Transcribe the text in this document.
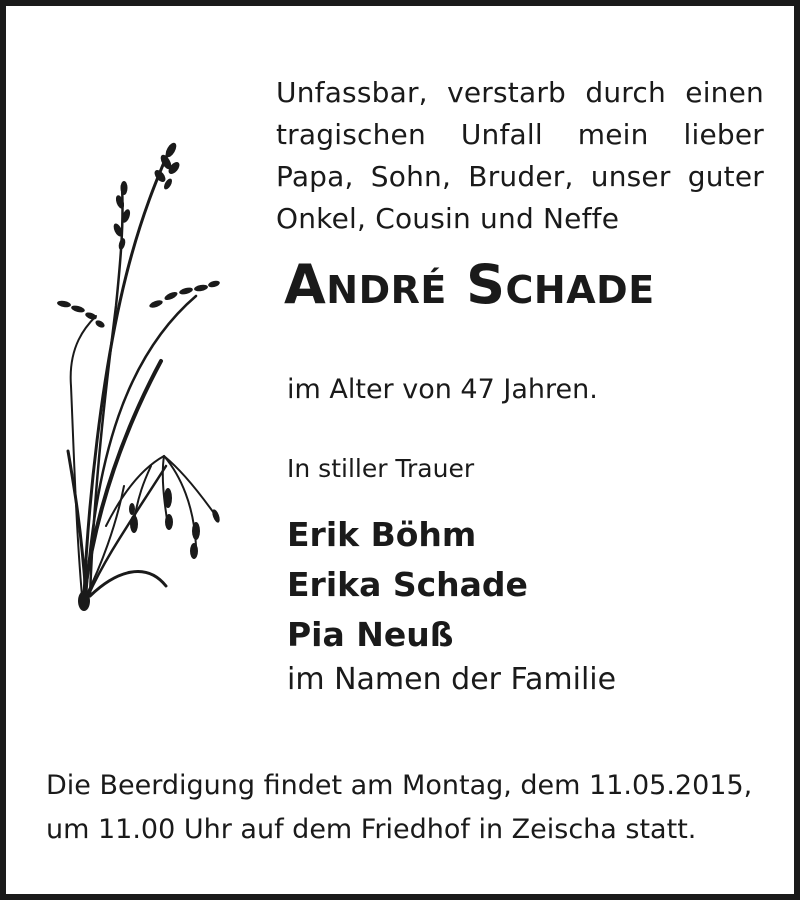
Unfassbar, verstarb durch einen tragischen Unfall mein lieber Papa, Sohn, Bruder, unser guter Onkel, Cousin und Neffe

André Schade
im Alter von 47 Jahren.
In stiller Trauer
Erik Böhm
Erika Schade
Pia Neuß
im Namen der Familie
Die Beerdigung findet am Montag, dem 11.05.2015,
um 11.00 Uhr auf dem Friedhof in Zeischa statt.
